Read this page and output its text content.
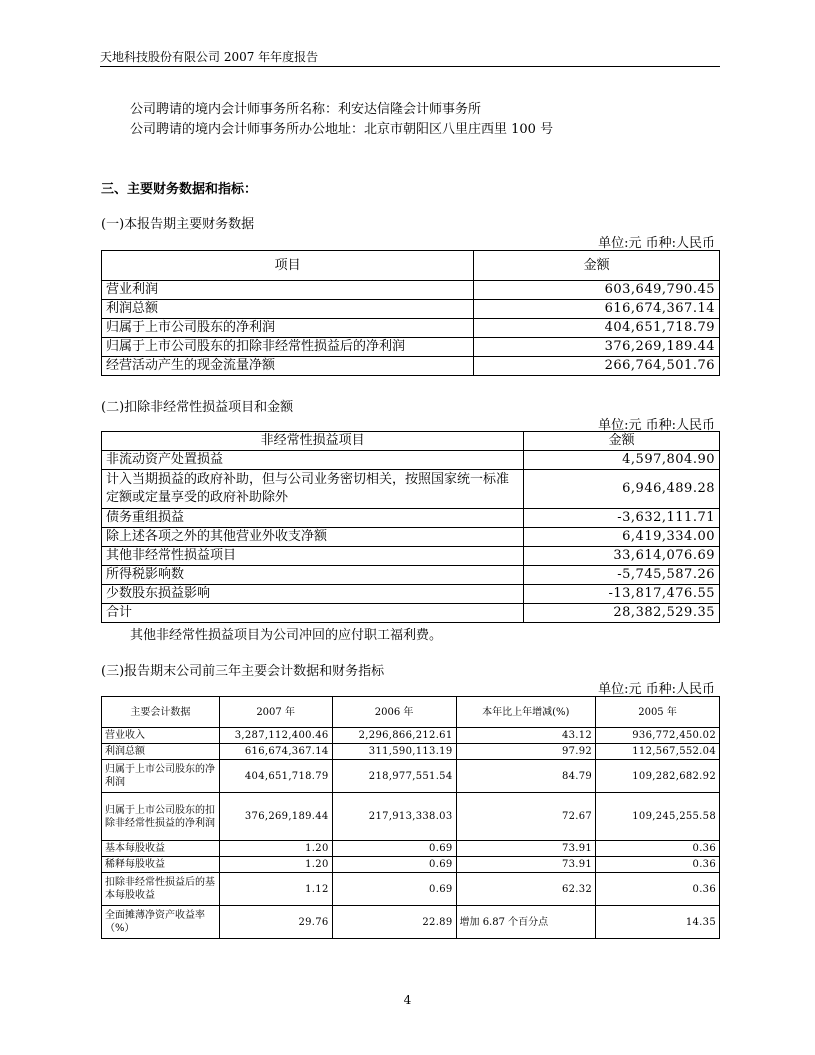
天地科技股份有限公司 2007 年年度报告
公司聘请的境内会计师事务所名称：利安达信隆会计师事务所
公司聘请的境内会计师事务所办公地址：北京市朝阳区八里庄西里 100 号
三、主要财务数据和指标：
(一)本报告期主要财务数据
单位:元 币种:人民币
项目	金额
营业利润	603,649,790.45
利润总额	616,674,367.14
归属于上市公司股东的净利润	404,651,718.79
归属于上市公司股东的扣除非经常性损益后的净利润	376,269,189.44
经营活动产生的现金流量净额	266,764,501.76
(二)扣除非经常性损益项目和金额
单位:元 币种:人民币
非经常性损益项目	金额
非流动资产处置损益	4,597,804.90
计入当期损益的政府补助，但与公司业务密切相关，按照国家统一标准定额或定量享受的政府补助除外	6,946,489.28
债务重组损益	-3,632,111.71
除上述各项之外的其他营业外收支净额	6,419,334.00
其他非经常性损益项目	33,614,076.69
所得税影响数	-5,745,587.26
少数股东损益影响	-13,817,476.55
合计	28,382,529.35
其他非经常性损益项目为公司冲回的应付职工福利费。
(三)报告期末公司前三年主要会计数据和财务指标
单位:元 币种:人民币
主要会计数据	2007 年	2006 年	本年比上年增减(%)	2005 年
营业收入	3,287,112,400.46	2,296,866,212.61	43.12	936,772,450.02
利润总额	616,674,367.14	311,590,113.19	97.92	112,567,552.04
归属于上市公司股东的净利润	404,651,718.79	218,977,551.54	84.79	109,282,682.92
归属于上市公司股东的扣除非经常性损益的净利润	376,269,189.44	217,913,338.03	72.67	109,245,255.58
基本每股收益	1.20	0.69	73.91	0.36
稀释每股收益	1.20	0.69	73.91	0.36
扣除非经常性损益后的基本每股收益	1.12	0.69	62.32	0.36
全面摊薄净资产收益率（%）	29.76	22.89	增加 6.87 个百分点	14.35
4
